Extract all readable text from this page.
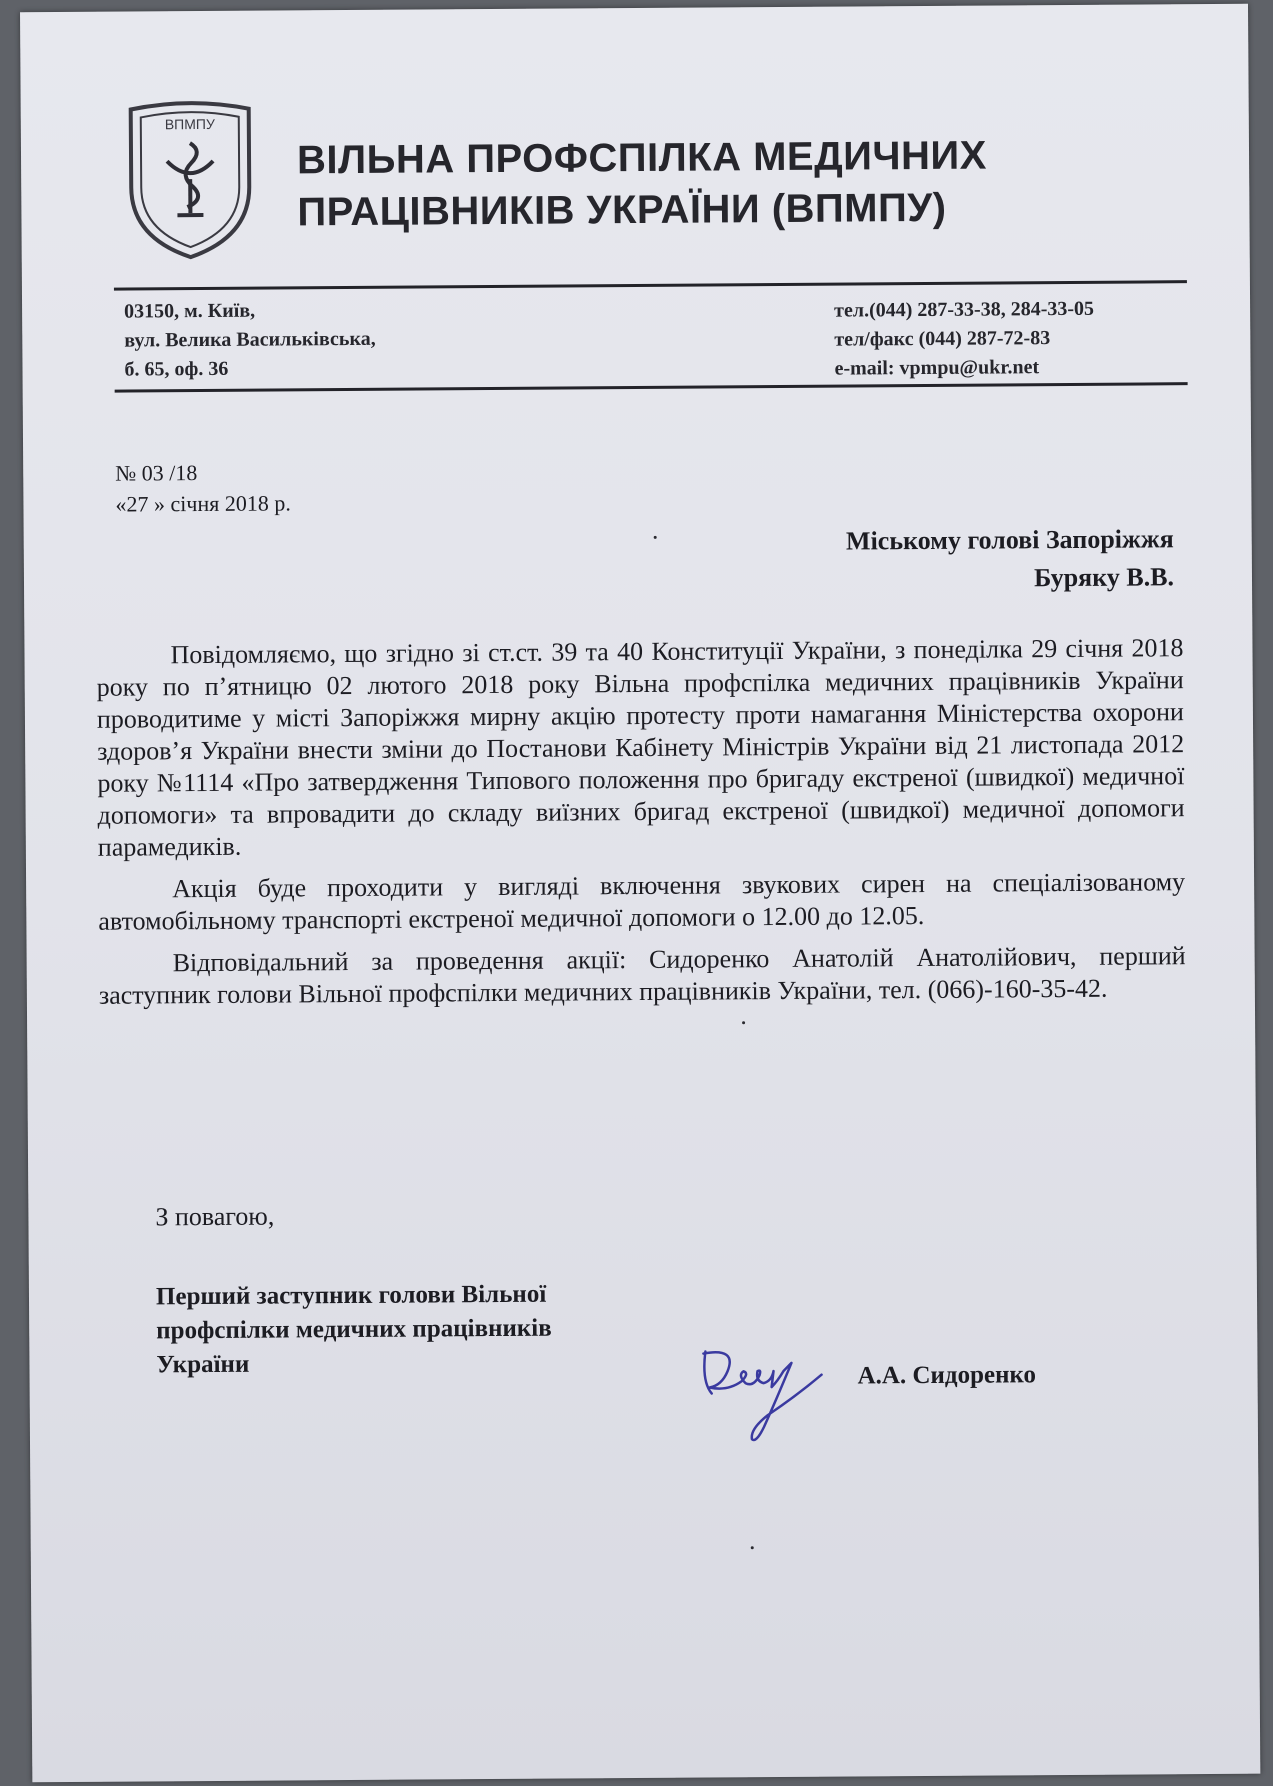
ВПМПУ
ВІЛЬНА ПРОФСПІЛКА МЕДИЧНИХ
ПРАЦІВНИКІВ УКРАЇНИ (ВПМПУ)
03150, м. Київ,
вул. Велика Васильківська,
б. 65, оф. 36
тел.(044) 287-33-38, 284-33-05
тел/факс (044) 287-72-83
e-mail: vpmpu@ukr.net
№ 03 /18
«27 » січня 2018 р.
Міському голові Запоріжжя
Буряку В.В.

Повідомляємо, що згідно зі ст.ст. 39 та 40 Конституції України, з понеділка 29 січня 2018 року по п’ятницю 02 лютого 2018 року Вільна профспілка медичних працівників України проводитиме у місті Запоріжжя мирну акцію протесту проти намагання Міністерства охорони здоров’я України внести зміни до Постанови Кабінету Міністрів України від 21 листопада 2012 року №1114 «Про затвердження Типового положення про бригаду екстреної (швидкої) медичної допомоги» та впровадити до складу виїзних бригад екстреної (швидкої) медичної допомоги парамедиків.

Акція буде проходити у вигляді включення звукових сирен на спеціалізованому автомобільному транспорті екстреної медичної допомоги о 12.00 до 12.05.

Відповідальний за проведення акції: Сидоренко Анатолій Анатолійович, перший заступник голови Вільної профспілки медичних працівників України, тел. (066)-160-35-42.

З повагою,
Перший заступник голови Вільної
профспілки медичних працівників
України	А.А. Сидоренко
